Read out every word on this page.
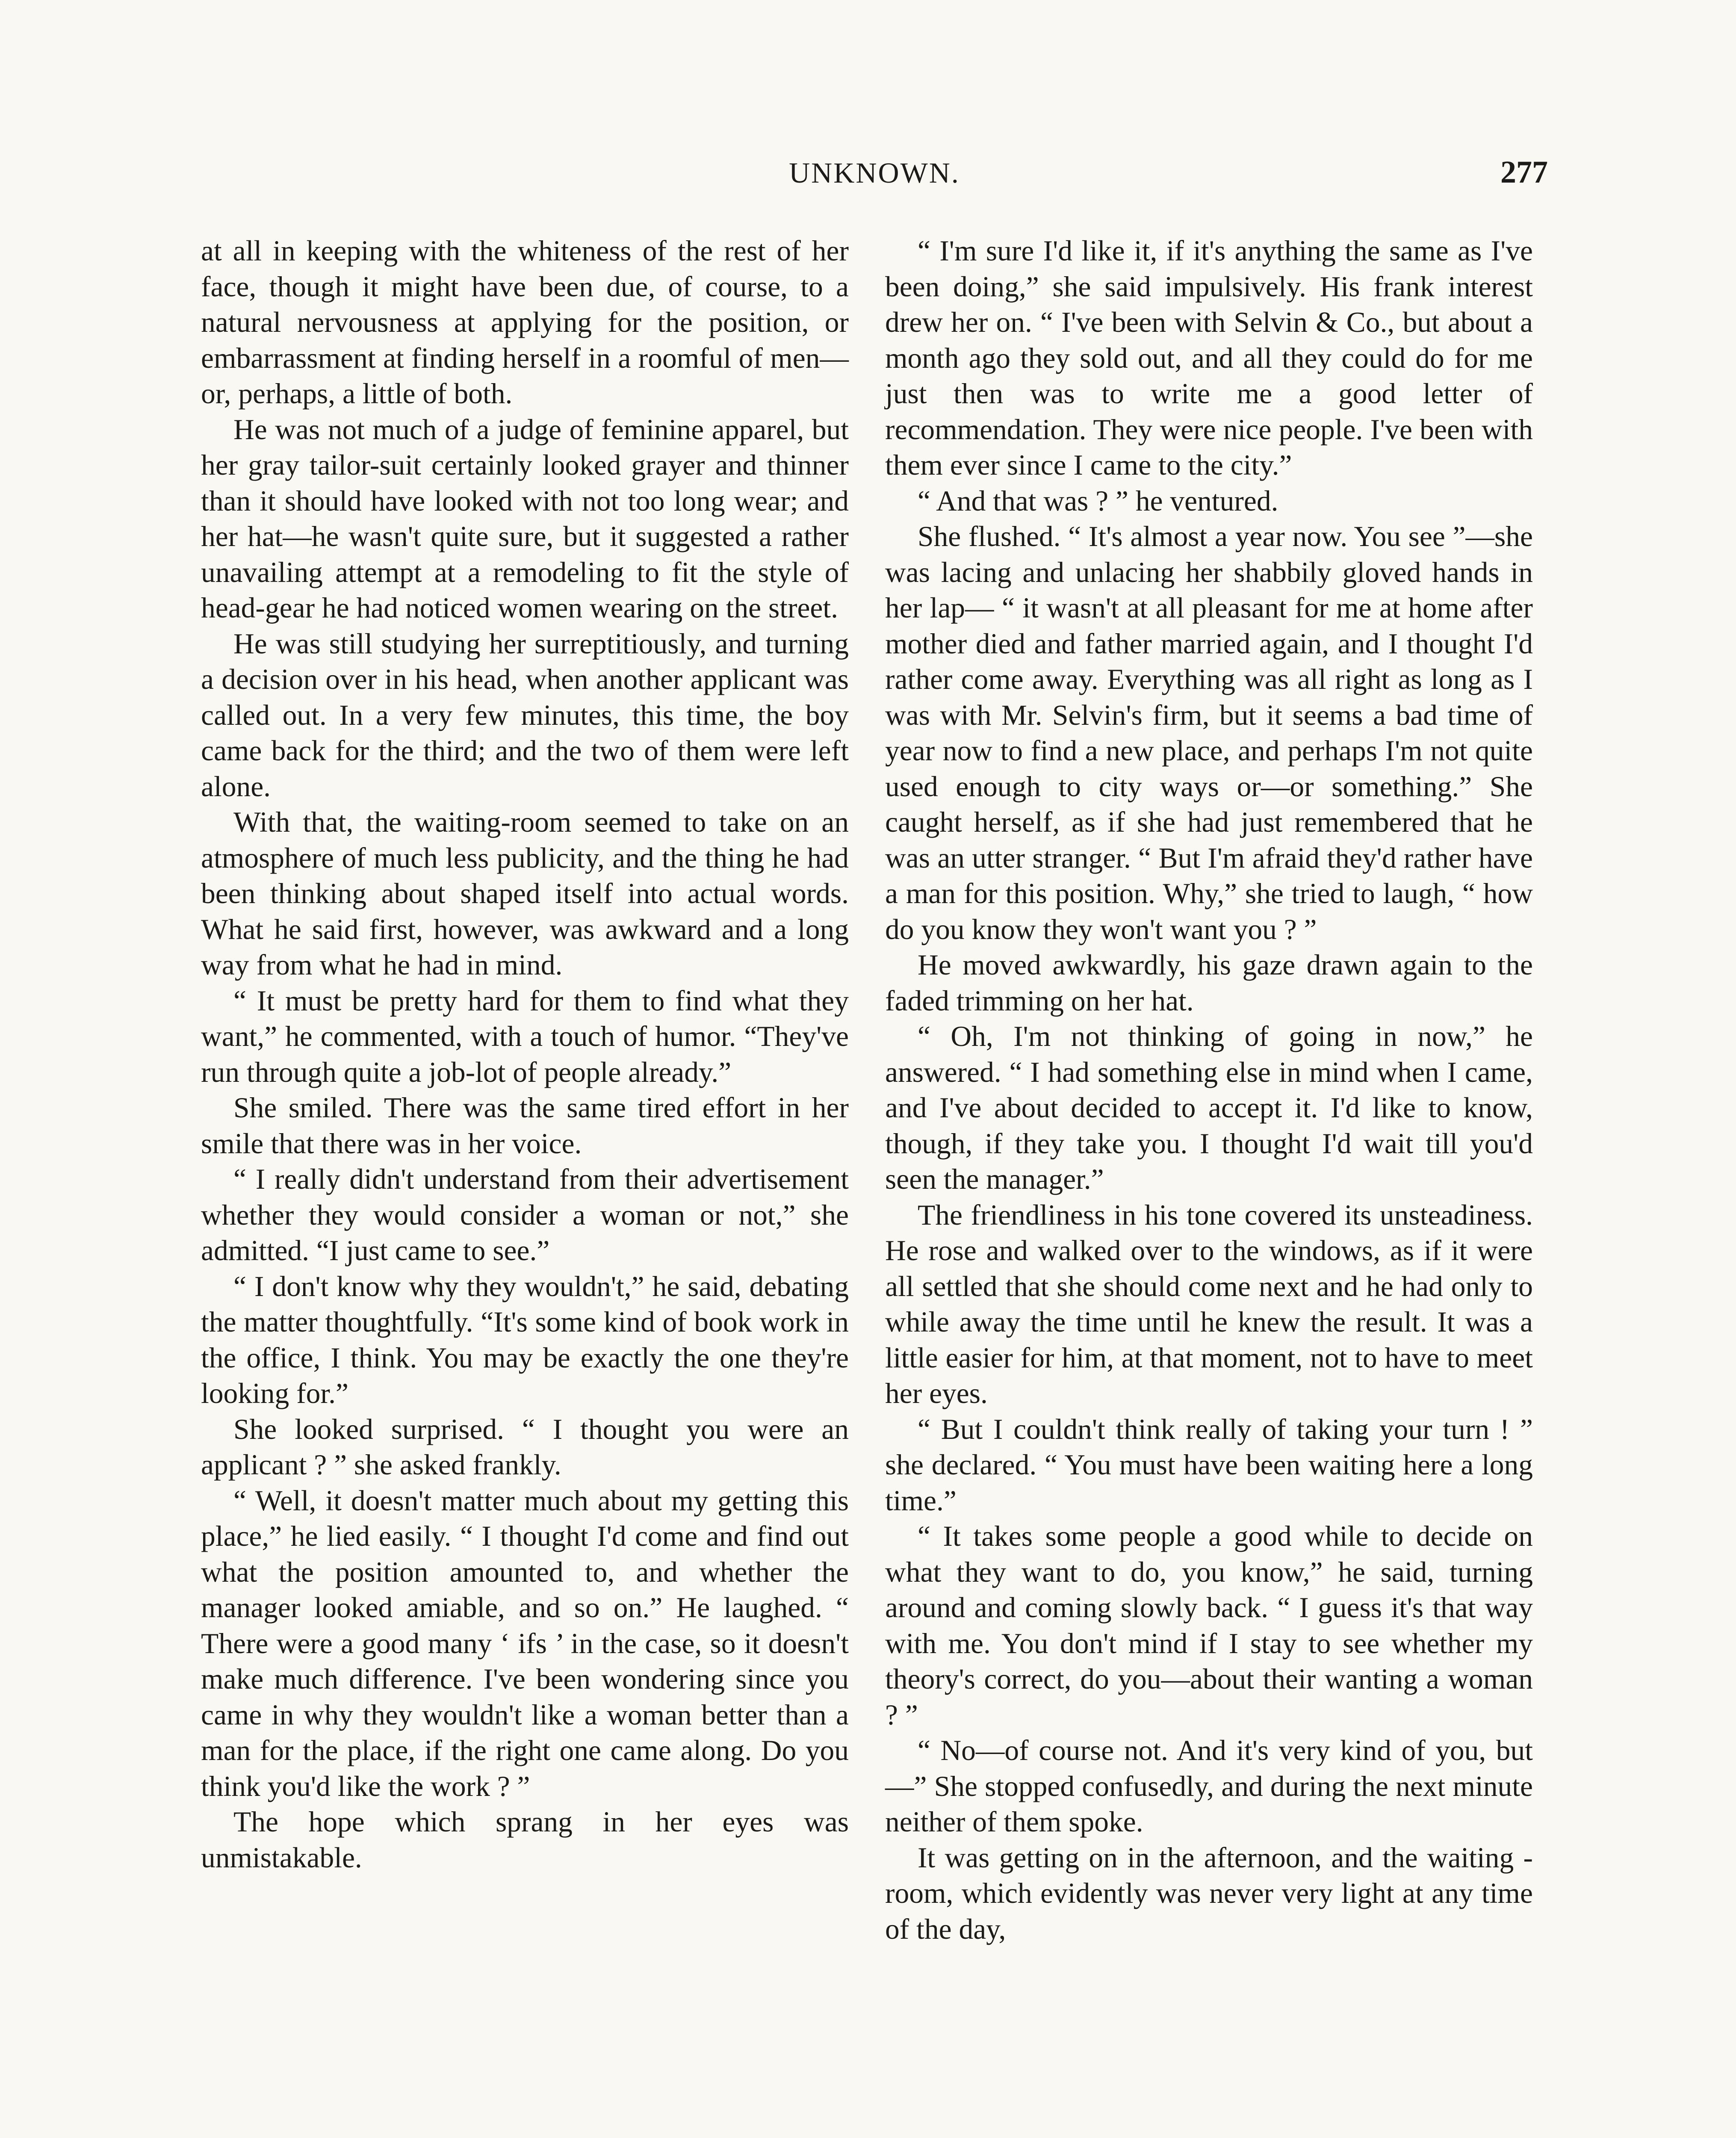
UNKNOWN.	277

at all in keeping with the whiteness of the rest of her face, though it might have been due, of course, to a natural nervousness at applying for the position, or embarrassment at finding herself in a roomful of men—or, perhaps, a little of both.

He was not much of a judge of feminine apparel, but her gray tailor-suit certainly looked grayer and thinner than it should have looked with not too long wear; and her hat—he wasn't quite sure, but it suggested a rather unavailing attempt at a remodeling to fit the style of head-gear he had noticed women wearing on the street.

He was still studying her surreptitiously, and turning a decision over in his head, when another applicant was called out. In a very few minutes, this time, the boy came back for the third; and the two of them were left alone.

With that, the waiting-room seemed to take on an atmosphere of much less publicity, and the thing he had been thinking about shaped itself into actual words. What he said first, however, was awkward and a long way from what he had in mind.

“ It must be pretty hard for them to find what they want,” he commented, with a touch of humor. “They've run through quite a job-lot of people already.”

She smiled. There was the same tired effort in her smile that there was in her voice.

“ I really didn't understand from their advertisement whether they would consider a woman or not,” she admitted. “I just came to see.”

“ I don't know why they wouldn't,” he said, debating the matter thoughtfully. “It's some kind of book work in the office, I think. You may be exactly the one they're looking for.”

She looked surprised. “ I thought you were an applicant ? ” she asked frankly.

“ Well, it doesn't matter much about my getting this place,” he lied easily. “ I thought I'd come and find out what the position amounted to, and whether the manager looked amiable, and so on.” He laughed. “ There were a good many ‘ ifs ’ in the case, so it doesn't make much difference. I've been wondering since you came in why they wouldn't like a woman better than a man for the place, if the right one came along. Do you think you'd like the work ? ”

The hope which sprang in her eyes was unmistakable.

“ I'm sure I'd like it, if it's anything the same as I've been doing,” she said impulsively. His frank interest drew her on. “ I've been with Selvin & Co., but about a month ago they sold out, and all they could do for me just then was to write me a good letter of recommendation. They were nice people. I've been with them ever since I came to the city.”

“ And that was ? ” he ventured.

She flushed. “ It's almost a year now. You see ”—she was lacing and unlacing her shabbily gloved hands in her lap— “ it wasn't at all pleasant for me at home after mother died and father married again, and I thought I'd rather come away. Everything was all right as long as I was with Mr. Selvin's firm, but it seems a bad time of year now to find a new place, and perhaps I'm not quite used enough to city ways or—or something.” She caught herself, as if she had just remembered that he was an utter stranger. “ But I'm afraid they'd rather have a man for this position. Why,” she tried to laugh, “ how do you know they won't want you ? ”

He moved awkwardly, his gaze drawn again to the faded trimming on her hat.

“ Oh, I'm not thinking of going in now,” he answered. “ I had something else in mind when I came, and I've about decided to accept it. I'd like to know, though, if they take you. I thought I'd wait till you'd seen the manager.”

The friendliness in his tone covered its unsteadiness. He rose and walked over to the windows, as if it were all settled that she should come next and he had only to while away the time until he knew the result. It was a little easier for him, at that moment, not to have to meet her eyes.

“ But I couldn't think really of taking your turn ! ” she declared. “ You must have been waiting here a long time.”

“ It takes some people a good while to decide on what they want to do, you know,” he said, turning around and coming slowly back. “ I guess it's that way with me. You don't mind if I stay to see whether my theory's correct, do you—about their wanting a woman ? ”

“ No—of course not. And it's very kind of you, but—” She stopped confusedly, and during the next minute neither of them spoke.

It was getting on in the afternoon, and the waiting - room, which evidently was never very light at any time of the day,
